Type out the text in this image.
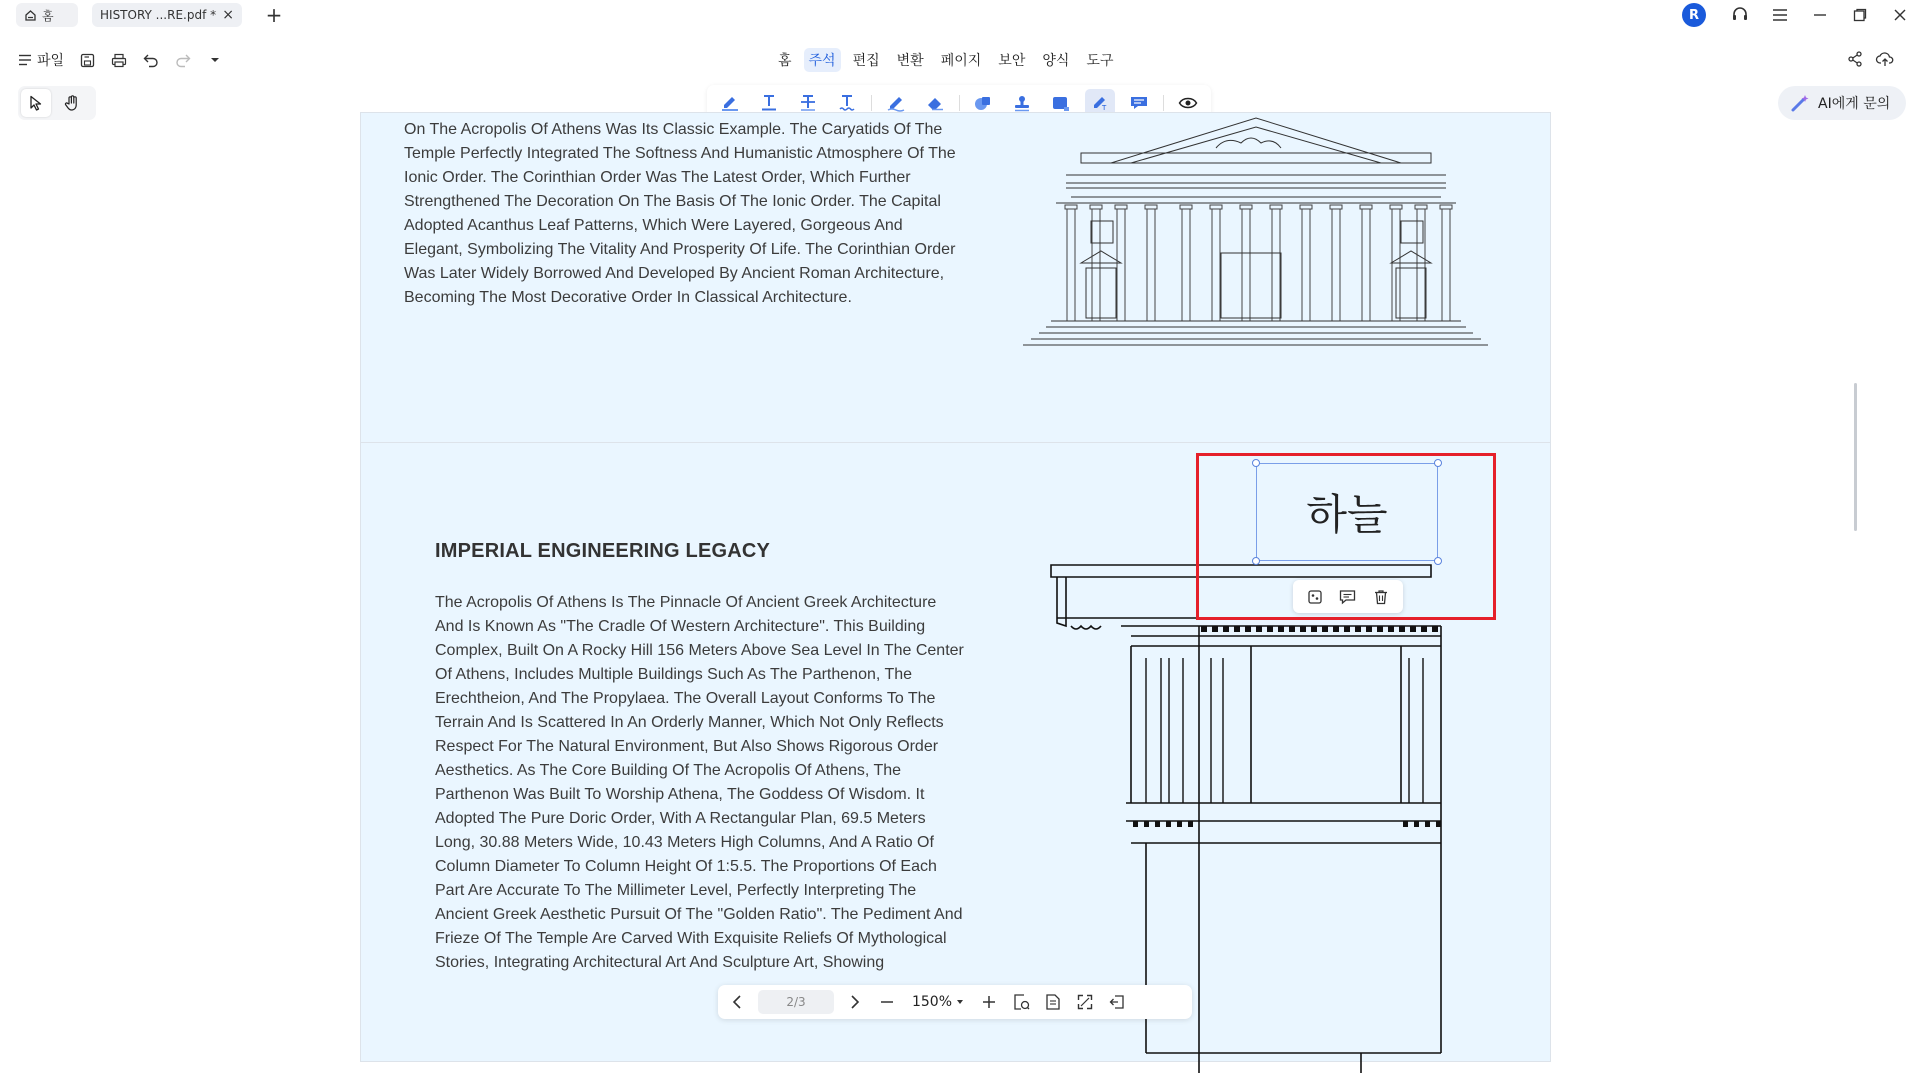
홈	HISTORY ...RE.pdf * × +	R
파일	홈	주석	편집	변환	페이지	보안	양식	도구
T	AI에게 문의
On The Acropolis Of Athens Was Its Classic Example. The Caryatids Of The Temple Perfectly Integrated The Softness And Humanistic Atmosphere Of The Ionic Order. The Corinthian Order Was The Latest Order, Which Further Strengthened The Decoration On The Basis Of The Ionic Order. The Capital Adopted Acanthus Leaf Patterns, Which Were Layered, Gorgeous And Elegant, Symbolizing The Vitality And Prosperity Of Life. The Corinthian Order Was Later Widely Borrowed And Developed By Ancient Roman Architecture, Becoming The Most Decorative Order In Classical Architecture.
IMPERIAL ENGINEERING LEGACY
The Acropolis Of Athens Is The Pinnacle Of Ancient Greek Architecture And Is Known As "The Cradle Of Western Architecture". This Building Complex, Built On A Rocky Hill 156 Meters Above Sea Level In The Center Of Athens, Includes Multiple Buildings Such As The Parthenon, The Erechtheion, And The Propylaea. The Overall Layout Conforms To The Terrain And Is Scattered In An Orderly Manner, Which Not Only Reflects Respect For The Natural Environment, But Also Shows Rigorous Order Aesthetics. As The Core Building Of The Acropolis Of Athens, The Parthenon Was Built To Worship Athena, The Goddess Of Wisdom. It Adopted The Pure Doric Order, With A Rectangular Plan, 69.5 Meters Long, 30.88 Meters Wide, 10.43 Meters High Columns, And A Ratio Of Column Diameter To Column Height Of 1:5.5. The Proportions Of Each Part Are Accurate To The Millimeter Level, Perfectly Interpreting The Ancient Greek Aesthetic Pursuit Of The "Golden Ratio". The Pediment And Frieze Of The Temple Are Carved With Exquisite Reliefs Of Mythological Stories, Integrating Architectural Art And Sculpture Art, Showing
하늘
2/3	150%
